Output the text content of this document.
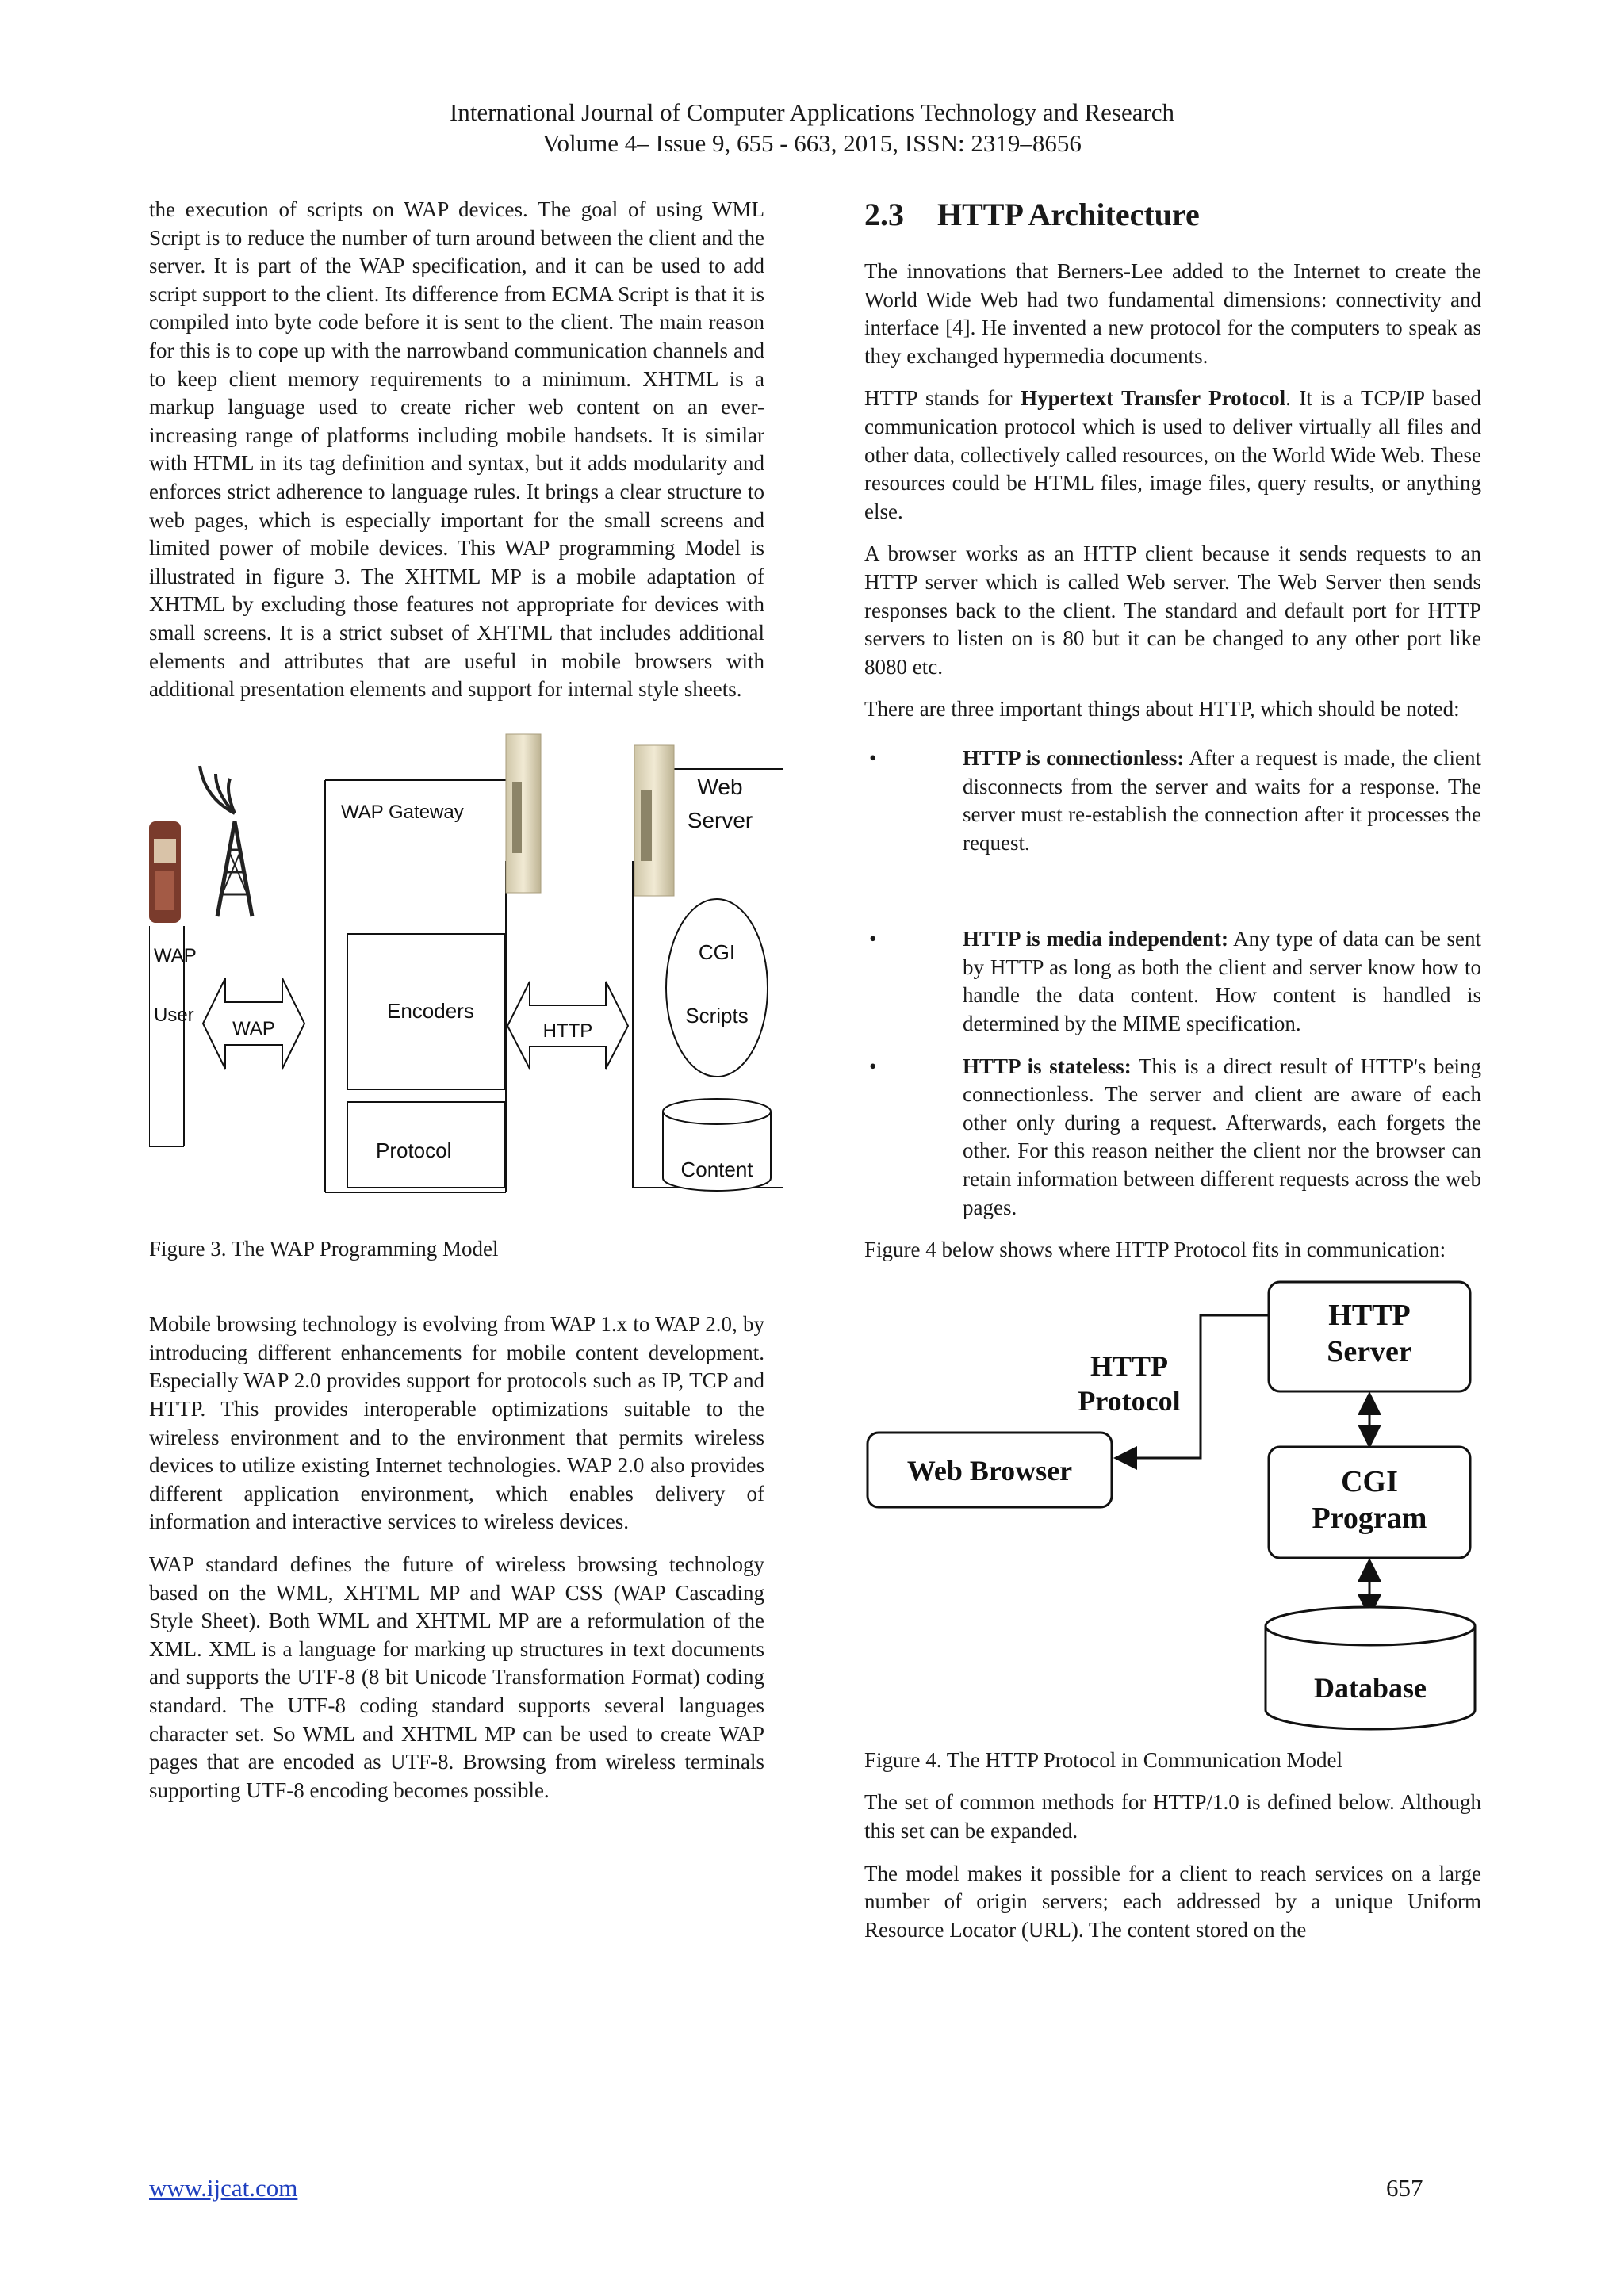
International Journal of Computer Applications Technology and Research
Volume 4– Issue 9, 655 - 663, 2015, ISSN: 2319–8656

the execution of scripts on WAP devices. The goal of using WML Script is to reduce the number of turn around between the client and the server. It is part of the WAP specification, and it can be used to add script support to the client. Its difference from ECMA Script is that it is compiled into byte code before it is sent to the client. The main reason for this is to cope up with the narrowband communication channels and to keep client memory requirements to a minimum. XHTML is a markup language used to create richer web content on an ever-increasing range of platforms including mobile handsets. It is similar with HTML in its tag definition and syntax, but it adds modularity and enforces strict adherence to language rules. It brings a clear structure to web pages, which is especially important for the small screens and limited power of mobile devices. This WAP programming Model is illustrated in figure 3. The XHTML MP is a mobile adaptation of XHTML by excluding those features not appropriate for devices with small screens. It is a strict subset of XHTML that includes additional elements and attributes that are useful in mobile browsers with additional presentation elements and support for internal style sheets.

WAP
User
WAP
WAP Gateway
Encoders
Protocol
HTTP
Web
Server
CGI
Scripts
Content

Figure 3. The WAP Programming Model

Mobile browsing technology is evolving from WAP 1.x to WAP 2.0, by introducing different enhancements for mobile content development. Especially WAP 2.0 provides support for protocols such as IP, TCP and HTTP. This provides interoperable optimizations suitable to the wireless environment and to the environment that permits wireless devices to utilize existing Internet technologies. WAP 2.0 also provides different application environment, which enables delivery of information and interactive services to wireless devices.

WAP standard defines the future of wireless browsing technology based on the WML, XHTML MP and WAP CSS (WAP Cascading Style Sheet). Both WML and XHTML MP are a reformulation of the XML. XML is a language for marking up structures in text documents and supports the UTF-8 (8 bit Unicode Transformation Format) coding standard. The UTF-8 coding standard supports several languages character set. So WML and XHTML MP can be used to create WAP pages that are encoded as UTF-8. Browsing from wireless terminals supporting UTF-8 encoding becomes possible.

2.3 HTTP Architecture

The innovations that Berners-Lee added to the Internet to create the World Wide Web had two fundamental dimensions: connectivity and interface [4]. He invented a new protocol for the computers to speak as they exchanged hypermedia documents.

HTTP stands for Hypertext Transfer Protocol. It is a TCP/IP based communication protocol which is used to deliver virtually all files and other data, collectively called resources, on the World Wide Web. These resources could be HTML files, image files, query results, or anything else.

A browser works as an HTTP client because it sends requests to an HTTP server which is called Web server. The Web Server then sends responses back to the client. The standard and default port for HTTP servers to listen on is 80 but it can be changed to any other port like 8080 etc.

There are three important things about HTTP, which should be noted:

•	HTTP is connectionless: After a request is made, the client disconnects from the server and waits for a response. The server must re-establish the connection after it processes the request.
•	HTTP is media independent: Any type of data can be sent by HTTP as long as both the client and server know how to handle the data content. How content is handled is determined by the MIME specification.
•	HTTP is stateless: This is a direct result of HTTP's being connectionless. The server and client are aware of each other only during a request. Afterwards, each forgets the other. For this reason neither the client nor the browser can retain information between different requests across the web pages.

Figure 4 below shows where HTTP Protocol fits in communication:

HTTP
Server
HTTP
Protocol
Web Browser	CGI
Program
Database

Figure 4. The HTTP Protocol in Communication Model

The set of common methods for HTTP/1.0 is defined below. Although this set can be expanded.

The model makes it possible for a client to reach services on a large number of origin servers; each addressed by a unique Uniform Resource Locator (URL). The content stored on the

www.ijcat.com	657
